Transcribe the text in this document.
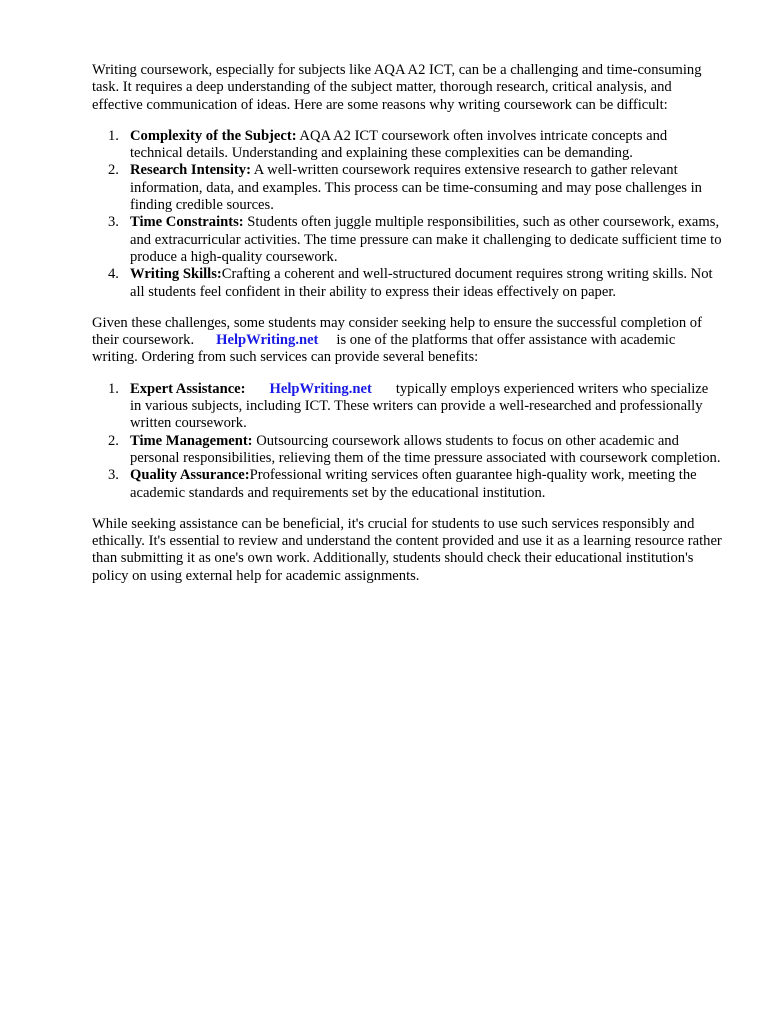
Writing coursework, especially for subjects like AQA A2 ICT, can be a challenging and time-consuming task. It requires a deep understanding of the subject matter, thorough research, critical analysis, and effective communication of ideas. Here are some reasons why writing coursework can be difficult:

1. Complexity of the Subject: AQA A2 ICT coursework often involves intricate concepts and technical details. Understanding and explaining these complexities can be demanding.
2. Research Intensity: A well-written coursework requires extensive research to gather relevant information, data, and examples. This process can be time-consuming and may pose challenges in finding credible sources.
3. Time Constraints: Students often juggle multiple responsibilities, such as other coursework, exams, and extracurricular activities. The time pressure can make it challenging to dedicate sufficient time to produce a high-quality coursework.
4. Writing Skills:Crafting a coherent and well-structured document requires strong writing skills. Not all students feel confident in their ability to express their ideas effectively on paper.

Given these challenges, some students may consider seeking help to ensure the successful completion of their coursework. HelpWriting.net is one of the platforms that offer assistance with academic writing. Ordering from such services can provide several benefits:

1. Expert Assistance: HelpWriting.net typically employs experienced writers who specialize in various subjects, including ICT. These writers can provide a well-researched and professionally written coursework.
2. Time Management: Outsourcing coursework allows students to focus on other academic and personal responsibilities, relieving them of the time pressure associated with coursework completion.
3. Quality Assurance:Professional writing services often guarantee high-quality work, meeting the academic standards and requirements set by the educational institution.

While seeking assistance can be beneficial, it's crucial for students to use such services responsibly and ethically. It's essential to review and understand the content provided and use it as a learning resource rather than submitting it as one's own work. Additionally, students should check their educational institution's policy on using external help for academic assignments.
